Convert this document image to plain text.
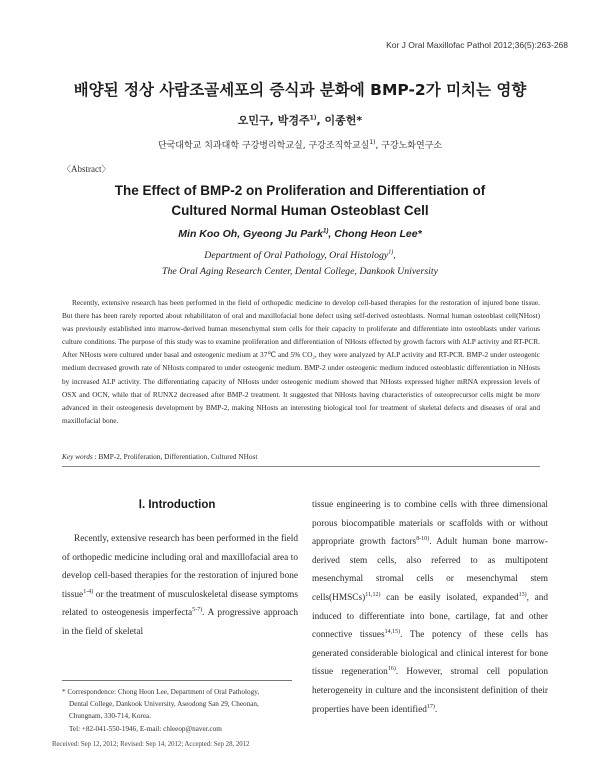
Kor J Oral Maxillofac Pathol 2012;36(5):263-268
배양된 정상 사람조골세포의 증식과 분화에 BMP-2가 미치는 영향
오민구, 박경주$^{1)}$, 이종헌*
단국대학교 치과대학 구강병리학교실, 구강조직학교실$^{1)}$, 구강노화연구소
〈Abstract〉
The Effect of BMP-2 on Proliferation and Differentiation of
Cultured Normal Human Osteoblast Cell
Min Koo Oh, Gyeong Ju Park$^{1)}$, Chong Heon Lee*
Department of Oral Pathology, Oral Histology$^{1)}$,
The Oral Aging Research Center, Dental College, Dankook University

Recently, extensive research has been performed in the field of orthopedic medicine to develop cell-based therapies for the restoration of injured bone tissue. But there has been rarely reported about rehabilitaton of oral and maxillofacial bone defect using self-derived osteoblasts. Normal human osteoblast cell(NHost) was previously established into marrow-derived human mesenchymal stem cells for their capacity to proliferate and differentiate into osteoblasts under various culture conditions. The purpose of this study was to examine proliferation and differentiation of NHosts effected by growth factors with ALP activity and RT-PCR. After NHosts were cultured under basal and osteogenic medium at 37℃ and 5% CO₂, they were analyzed by ALP activity and RT-PCR. BMP-2 under osteogenic medium decreased growth rate of NHosts compared to under osteogenic medium. BMP-2 under osteogenic medium induced osteoblastic differentiation in NHosts by increased ALP activity. The differentiating capacity of NHosts under osteogenic medium showed that NHosts expressed higher mRNA expression levels of OSX and OCN, while that of RUNX2 decreased after BMP-2 treatment. It suggested that NHosts having characteristics of osteoprecursor cells might be more advanced in their osteogenesis development by BMP-2, making NHosts an interesting biological tool for treatment of skeletal defects and diseases of oral and maxillofacial bone.

Key words : BMP-2, Proliferation, Differentiation, Cultured NHost
Ⅰ. Introduction

Recently, extensive research has been performed in the field of orthopedic medicine including oral and maxillofacial area to develop cell-based therapies for the restoration of injured bone tissue$^{1-4)}$ or the treatment of musculoskeletal disease symptoms related to osteogenesis imperfecta$^{5-7)}$. A progressive approach in the field of skeletal

tissue engineering is to combine cells with three dimensional porous biocompatible materials or scaffolds with or without appropriate growth factors$^{8-10)}$. Adult human bone marrow-derived stem cells, also referred to as multipotent mesenchymal stromal cells or mesenchymal stem cells(HMSCs)$^{11,12)}$ can be easily isolated, expanded$^{13)}$, and induced to differentiate into bone, cartilage, fat and other connective tissues$^{14,15)}$. The potency of these cells has generated considerable biological and clinical interest for bone tissue regeneration$^{16)}$. However, stromal cell population heterogeneity in culture and the inconsistent definition of their properties have been identified$^{17)}$.

* Correspondence: Chong Heon Lee, Department of Oral Pathology,
Dental College, Dankook University, Aseodong San 29, Cheonan,
Chungnam, 330-714, Korea.
Tel: +82-041-550-1946, E-mail: chleeop@naver.com
Received: Sep 12, 2012; Revised: Sep 14, 2012; Accepted: Sep 28, 2012
